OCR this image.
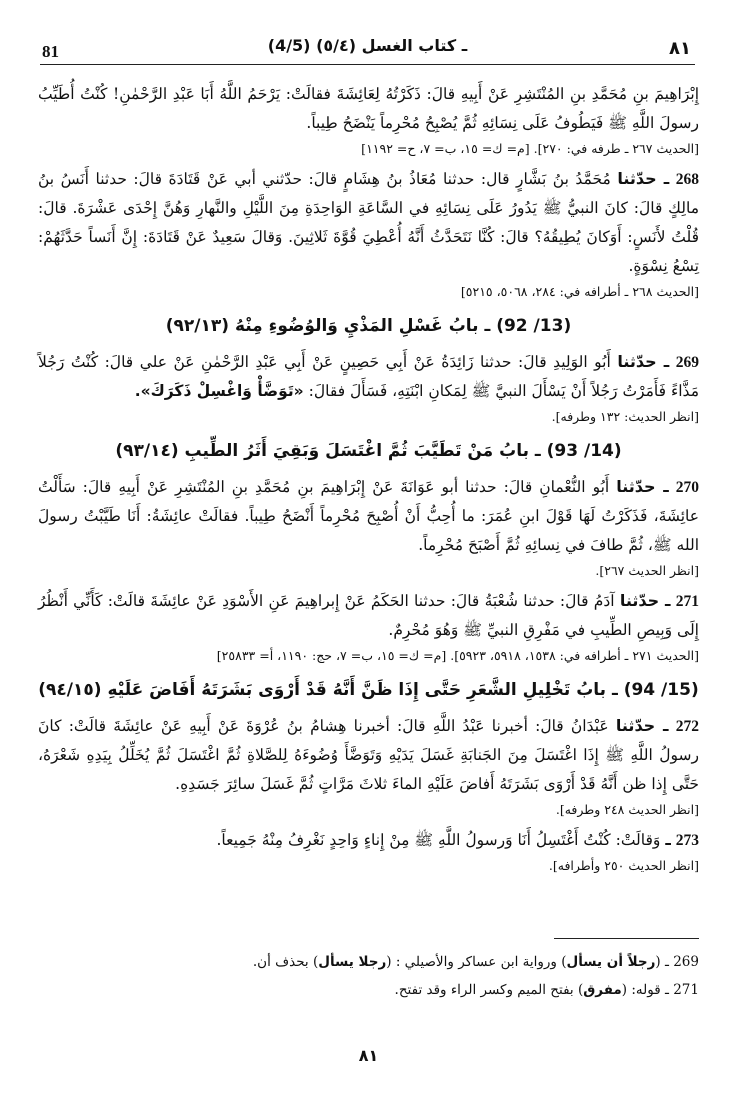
81	(4/5) ـ كتاب الغسل (٥/٤)	٨١

إِبْرَاهِيمَ بنِ مُحَمَّدِ بنِ المُنْتَشِرِ عَنْ أَبِيهِ قالَ: ذَكَرْتُهُ لِعَائِشَةَ فقالَتْ: يَرْحَمُ اللَّهُ أَبَا عَبْدِ الرَّحْمٰنِ! كُنْتُ أُطَيِّبُ رسولَ اللَّهِ ﷺ فَيَطُوفُ عَلَى نِسَائِهِ ثُمَّ يُصْبِحُ مُحْرِماً يَنْضَحُ طِيباً.

[الحديث ٢٦٧ ـ طرفه في: ٢٧٠]. [م= ك= ١٥، ب= ٧، ح= ١١٩٢]

268 ـ حدّثنا مُحَمَّدُ بنُ بَشَّارٍ قال: حدثنا مُعَاذُ بنُ هِشَامٍ قالَ: حدّثني أبي عَنْ قَتَادَةَ قالَ: حدثنا أَنَسُ بنُ مالِكٍ قالَ: كانَ النبيُّ ﷺ يَدُورُ عَلَى نِسَائِهِ في السَّاعَةِ الوَاحِدَةِ مِنَ اللَّيْلِ والنَّهارِ وَهُنَّ إِحْدَى عَشْرَةَ. قالَ: قُلْتُ لأَنَسٍ: أَوَكانَ يُطِيقُهُ؟ قالَ: كُنَّا نَتَحَدَّثُ أَنَّهُ أُعْطِيَ قُوَّةَ ثَلاثِينَ. وَقالَ سَعِيدٌ عَنْ قَتَادَةَ: إِنَّ أَنَساً حَدَّثَهُمْ: تِسْعُ نِسْوَةٍ.

[الحديث ٢٦٨ ـ أطرافه في: ٢٨٤، ٥٠٦٨، ٥٢١٥]
(13/ 92) ـ بابُ غَسْلِ المَذْيِ وَالوُضُوءِ مِنْهُ (٩٢/١٣)

269 ـ حدّثنا أَبُو الوَلِيدِ قالَ: حدثنا زَائِدَةُ عَنْ أَبِي حَصِينٍ عَنْ أَبِي عَبْدِ الرَّحْمٰنِ عَنْ علي قالَ: كُنْتُ رَجُلاً مَذَّاءً فَأَمَرْتُ رَجُلاً أَنْ يَسْأَلَ النبيَّ ﷺ لِمَكانِ ابْنَتِهِ، فَسَأَلَ فقالَ: «تَوَضَّأْ وَاغْسِلْ ذَكَرَكَ».

[انظر الحديث: ١٣٢ وطرفه].
(14/ 93) ـ بابُ مَنْ تَطَيَّبَ ثُمَّ اغْتَسَلَ وَبَقِيَ أَثَرُ الطِّيبِ (٩٣/١٤)

270 ـ حدّثنا أَبُو النُّعْمانِ قالَ: حدثنا أبو عَوَانَةَ عَنْ إِبْرَاهِيمَ بنِ مُحَمَّدِ بنِ المُنْتَشِرِ عَنْ أَبِيهِ قالَ: سَأَلْتُ عائِشَةَ، فَذَكَرْتُ لَهَا قَوْلَ ابنِ عُمَرَ: ما أُحِبُّ أَنْ أُصْبِحَ مُحْرِماً أَنْضَحُ طِيباً. فقالَتْ عائِشَةُ: أَنَا طَيَّبْتُ رسولَ الله ﷺ، ثُمَّ طافَ في نِسائِهِ ثُمَّ أَصْبَحَ مُحْرِماً.

[انظر الحديث ٢٦٧].

271 ـ حدّثنا آدَمُ قالَ: حدثنا شُعْبَةُ قالَ: حدثنا الحَكَمُ عَنْ إِبراهِيمَ عَنِ الأَسْوَدِ عَنْ عائِشَةَ قالَتْ: كَأَنِّي أَنْظُرُ إِلَى وَبِيصِ الطِّيبِ في مَفْرِقِ النبيِّ ﷺ وَهُوَ مُحْرِمٌ.

[الحديث ٢٧١ ـ أطرافه في: ١٥٣٨، ٥٩١٨، ٥٩٢٣]. [م= ك= ١٥، ب= ٧، حج: ١١٩٠، أ= ٢٥٨٣٣]
(15/ 94) ـ بابُ تَخْلِيلِ الشَّعَرِ حَتَّى إِذَا ظَنَّ أَنَّهُ قَدْ أَرْوَى بَشَرَتَهُ أَفَاضَ عَلَيْهِ (٩٤/١٥)

272 ـ حدّثنا عَبْدَانُ قالَ: أخبرنا عَبْدُ اللَّهِ قالَ: أخبرنا هِشامُ بنُ عُرْوَةَ عَنْ أَبِيهِ عَنْ عائِشَةَ قالَتْ: كانَ رسولُ اللَّهِ ﷺ إِذَا اغْتَسَلَ مِنَ الجَنابَةِ غَسَلَ يَدَيْهِ وَتَوَضَّأَ وُضُوءَهُ لِلصَّلاةِ ثُمَّ اغْتَسَلَ ثُمَّ يُخَلِّلُ بِيَدِهِ شَعْرَهُ، حَتَّى إِذا ظن أَنَّهُ قَدْ أَرْوَى بَشَرَتَهُ أَفاضَ عَلَيْهِ الماءَ ثلاثَ مَرَّاتٍ ثُمَّ غَسَلَ سائِرَ جَسَدِهِ.

[انظر الحديث ٢٤٨ وطرفه].

273 ـ وَقالَتْ: كُنْتُ أَغْتَسِلُ أَنَا وَرسولُ اللَّهِ ﷺ مِنْ إِناءٍ وَاحِدٍ نَغْرِفُ مِنْهُ جَمِيعاً.

[انظر الحديث ٢٥٠ وأطرافه].

269 ـ (رجلاً أن يسأل) ورواية ابن عساكر والأصيلي : (رجلا يسأل) بحذف أن.

271 ـ قوله: (مفرق) بفتح الميم وكسر الراء وقد تفتح.

٨١
